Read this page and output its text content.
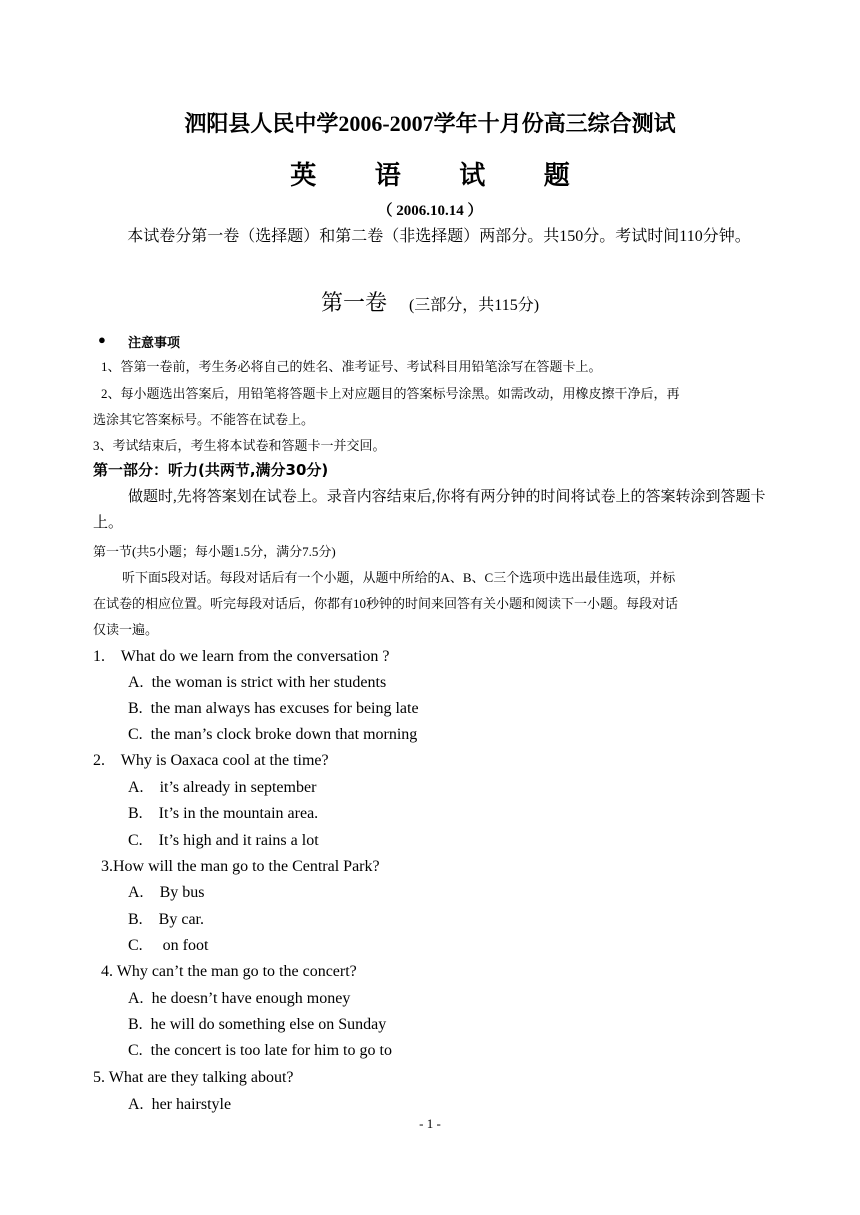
泗阳县人民中学2006-2007学年十月份高三综合测试
英 语 试 题
（ 2006.10.14 ）
本试卷分第一卷（选择题）和第二卷（非选择题）两部分。共150分。考试时间110分钟。
第一卷 (三部分，共115分)
● 注意事项
1、答第一卷前，考生务必将自己的姓名、准考证号、考试科目用铅笔涂写在答题卡上。
2、每小题选出答案后，用铅笔将答题卡上对应题目的答案标号涂黑。如需改动，用橡皮擦干净后，再
选涂其它答案标号。不能答在试卷上。
3、考试结束后，考生将本试卷和答题卡一并交回。
第一部分：听力(共两节,满分30分)
做题时,先将答案划在试卷上。录音内容结束后,你将有两分钟的时间将试卷上的答案转涂到答题卡
上。
第一节(共5小题；每小题1.5分，满分7.5分)
听下面5段对话。每段对话后有一个小题，从题中所给的A、B、C三个选项中选出最佳选项，并标
在试卷的相应位置。听完每段对话后，你都有10秒钟的时间来回答有关小题和阅读下一小题。每段对话
仅读一遍。
1.    What do we learn from the conversation ?
A. the woman is strict with her students
B. the man always has excuses for being late
C. the man’s clock broke down that morning
2.    Why is Oaxaca cool at the time?
A.    it’s already in september
B.    It’s in the mountain area.
C.    It’s high and it rains a lot
3.How will the man go to the Central Park?
A.    By bus
B.    By car.
C.     on foot
4. Why can’t the man go to the concert?
A. he doesn’t have enough money
B. he will do something else on Sunday
C. the concert is too late for him to go to
5. What are they talking about?
A. her hairstyle
- 1 -
